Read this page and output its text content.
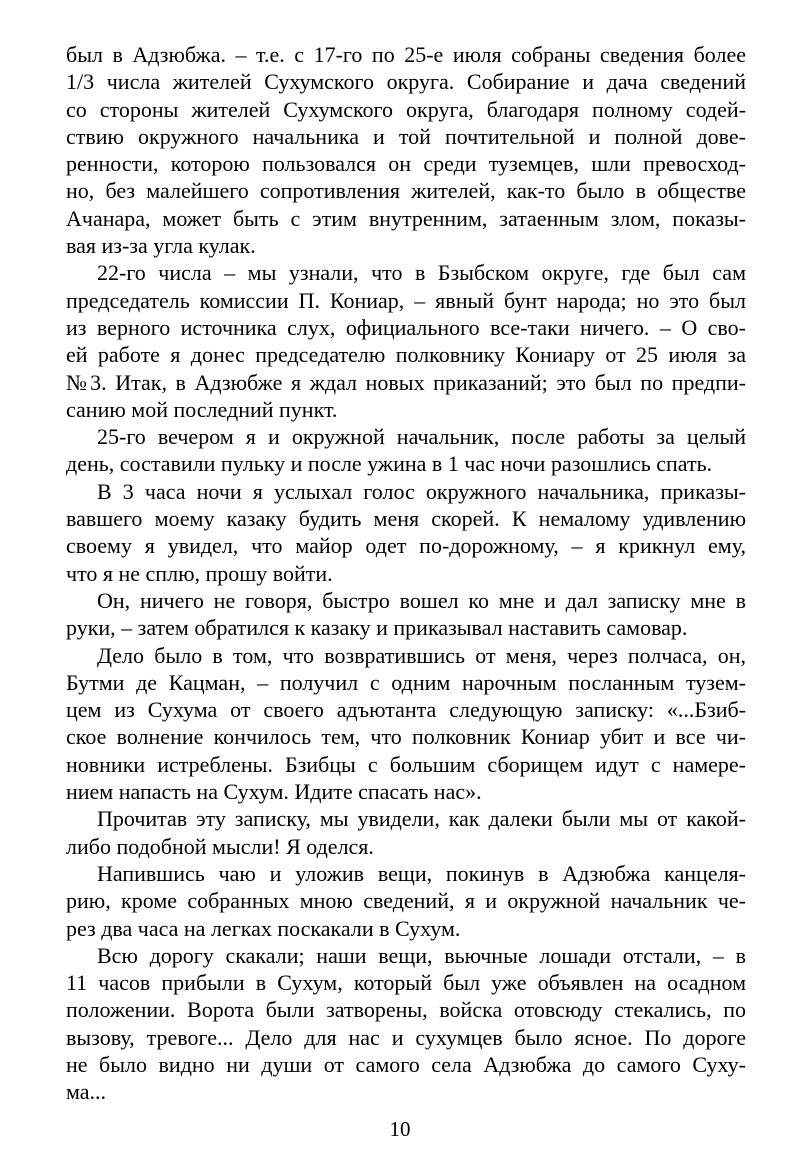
был в Адзюбжа. – т.е. с 17-го по 25-е июля собраны сведения более
1/3 числа жителей Сухумского округа. Собирание и дача сведений
со стороны жителей Сухумского округа, благодаря полному содей-
ствию окружного начальника и той почтительной и полной дове-
ренности, которою пользовался он среди туземцев, шли превосход-
но, без малейшего сопротивления жителей, как-то было в обществе
Ачанара, может быть с этим внутренним, затаенным злом, показы-
вая из-за угла кулак.
22-го числа – мы узнали, что в Бзыбском округе, где был сам
председатель комиссии П. Кониар, – явный бунт народа; но это был
из верного источника слух, официального все-таки ничего. – О сво-
ей работе я донес председателю полковнику Кониару от 25 июля за
№3. Итак, в Адзюбже я ждал новых приказаний; это был по предпи-
санию мой последний пункт.
25-го вечером я и окружной начальник, после работы за целый
день, составили пульку и после ужина в 1 час ночи разошлись спать.
В 3 часа ночи я услыхал голос окружного начальника, приказы-
вавшего моему казаку будить меня скорей. К немалому удивлению
своему я увидел, что майор одет по-дорожному, – я крикнул ему,
что я не сплю, прошу войти.
Он, ничего не говоря, быстро вошел ко мне и дал записку мне в
руки, – затем обратился к казаку и приказывал наставить самовар.
Дело было в том, что возвратившись от меня, через полчаса, он,
Бутми де Кацман, – получил с одним нарочным посланным тузем-
цем из Сухума от своего адъютанта следующую записку: «...Бзиб-
ское волнение кончилось тем, что полковник Кониар убит и все чи-
новники истреблены. Бзибцы с большим сборищем идут с намере-
нием напасть на Сухум. Идите спасать нас».
Прочитав эту записку, мы увидели, как далеки были мы от какой-
либо подобной мысли! Я оделся.
Напившись чаю и уложив вещи, покинув в Адзюбжа канцеля-
рию, кроме собранных мною сведений, я и окружной начальник че-
рез два часа на легках поскакали в Сухум.
Всю дорогу скакали; наши вещи, вьючные лошади отстали, – в
11 часов прибыли в Сухум, который был уже объявлен на осадном
положении. Ворота были затворены, войска отовсюду стекались, по
вызову, тревоге... Дело для нас и сухумцев было ясное. По дороге
не было видно ни души от самого села Адзюбжа до самого Суху-
ма...
10
